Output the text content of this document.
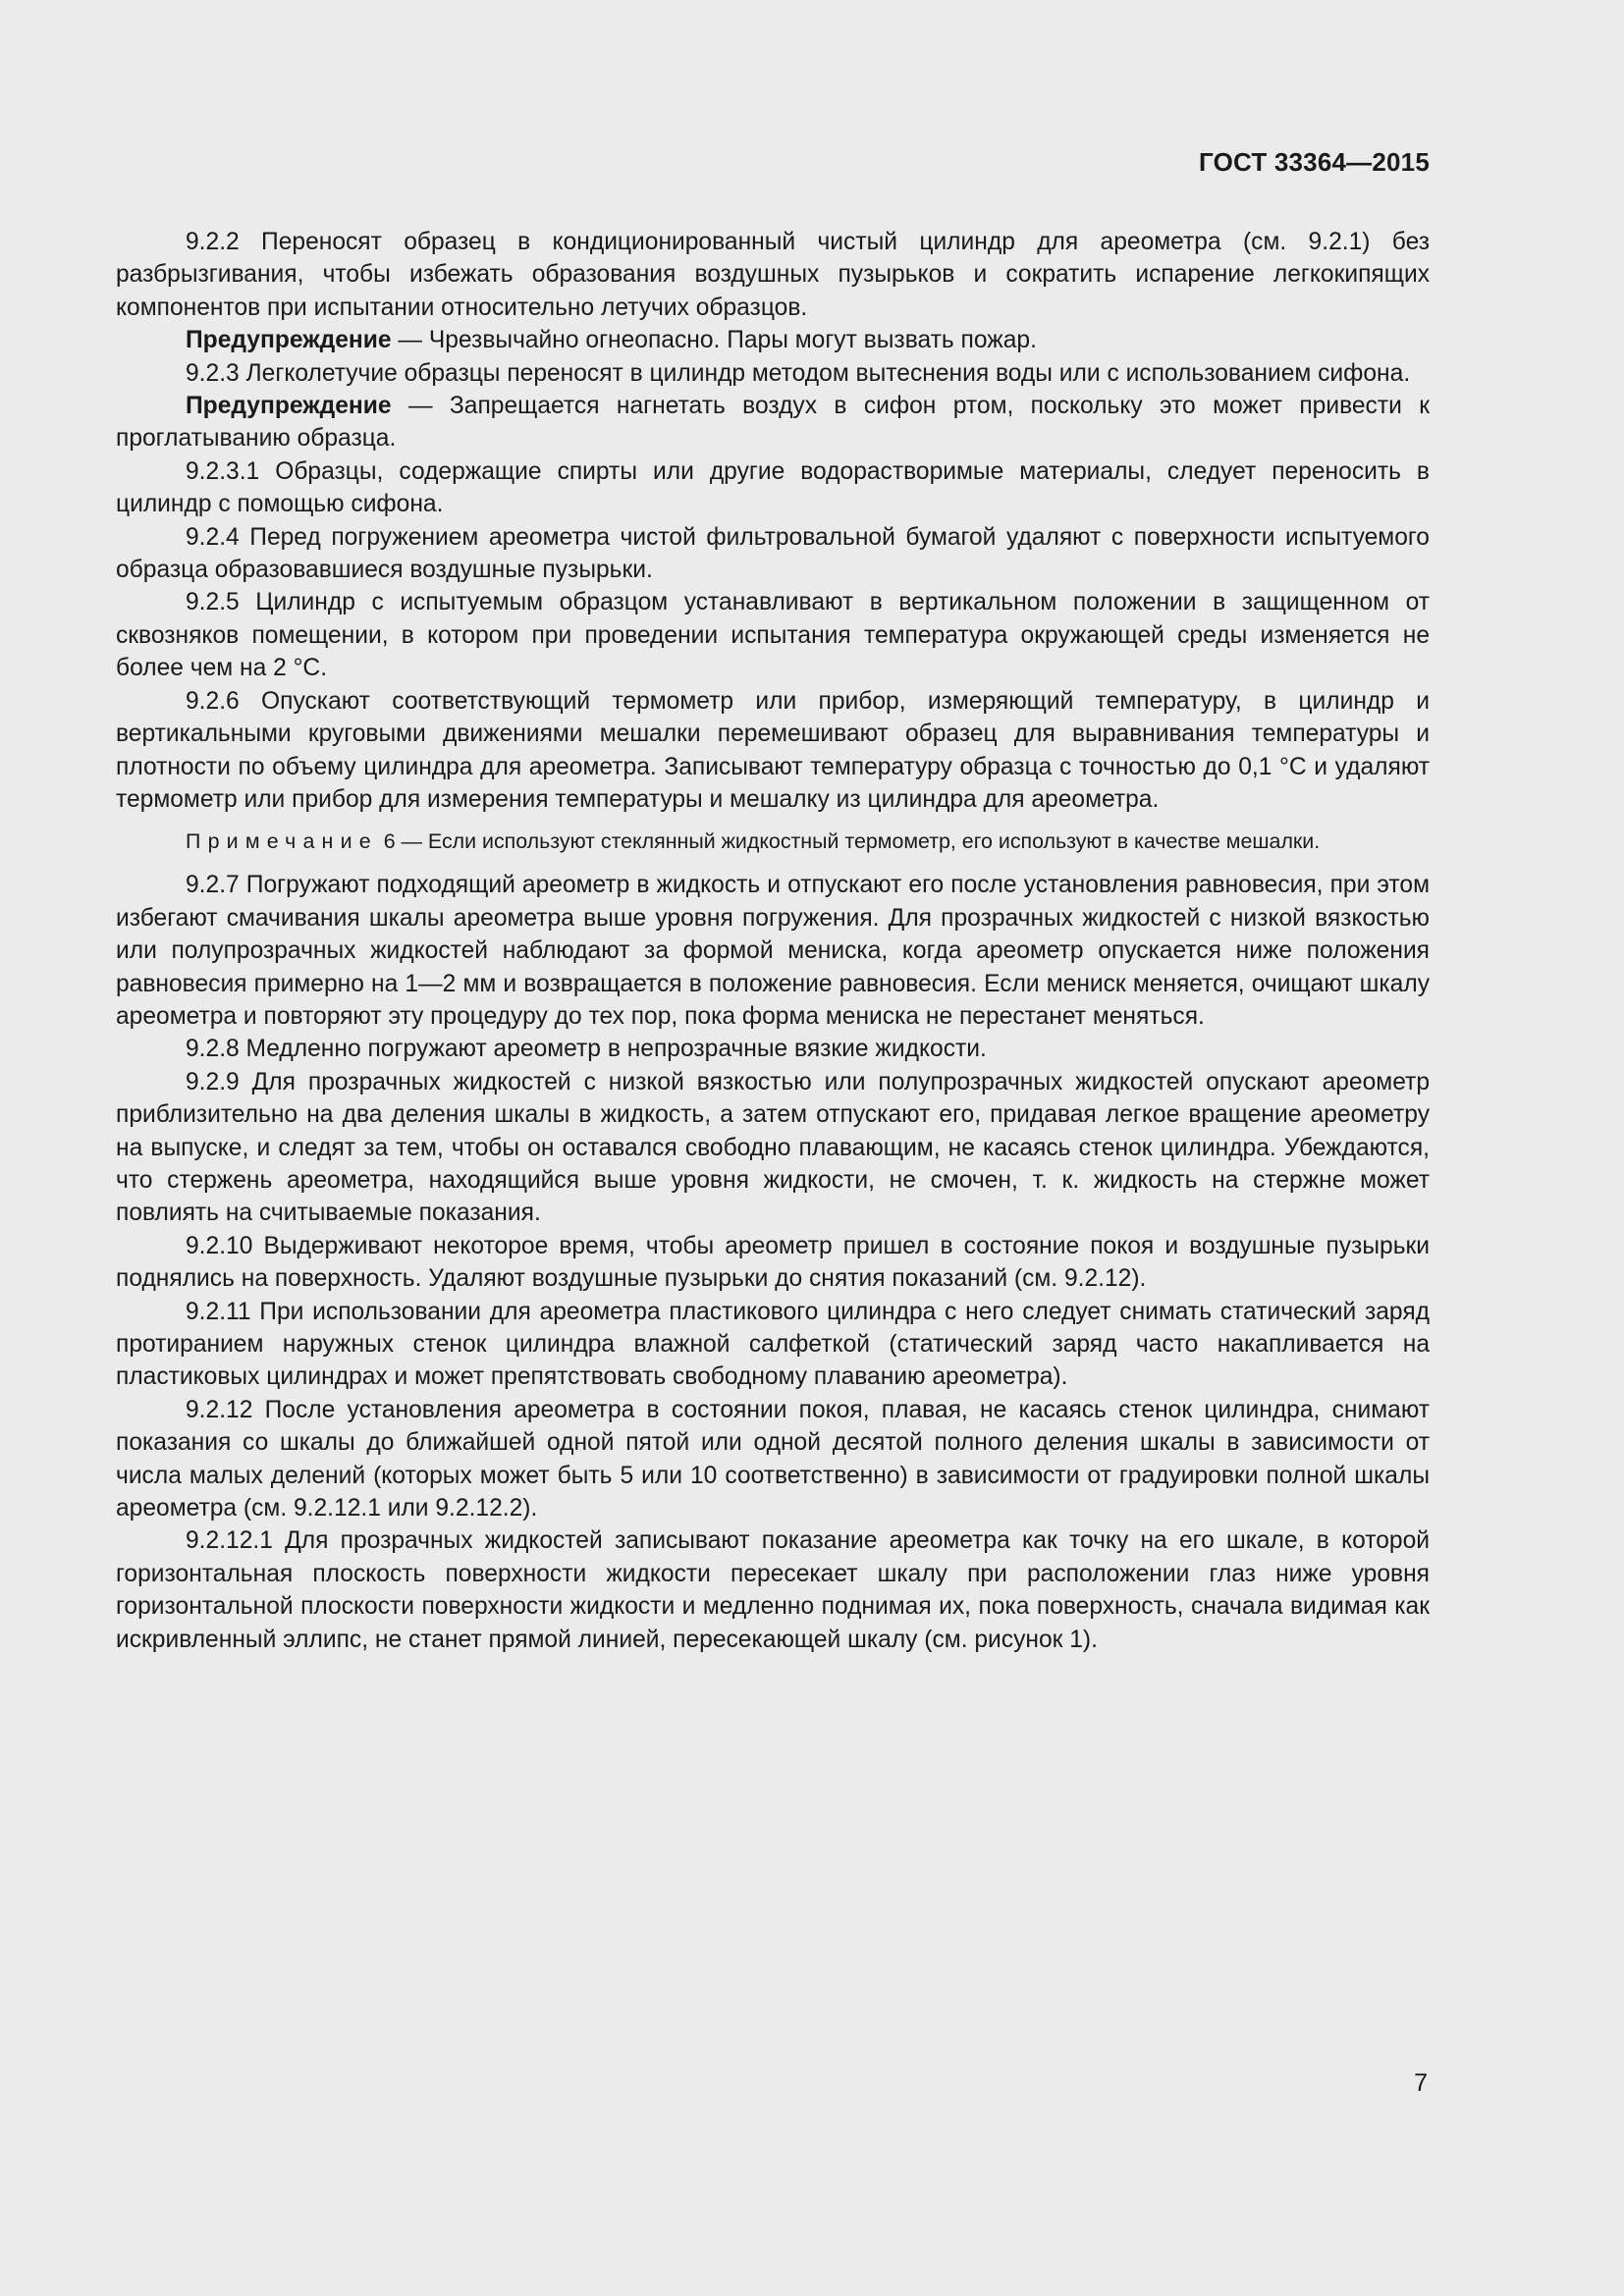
ГОСТ 33364—2015

9.2.2 Переносят образец в кондиционированный чистый цилиндр для ареометра (см. 9.2.1) без разбрызгивания, чтобы избежать образования воздушных пузырьков и сократить испарение легкокипящих компонентов при испытании относительно летучих образцов.

Предупреждение — Чрезвычайно огнеопасно. Пары могут вызвать пожар.

9.2.3 Легколетучие образцы переносят в цилиндр методом вытеснения воды или с использованием сифона.

Предупреждение — Запрещается нагнетать воздух в сифон ртом, поскольку это может привести к проглатыванию образца.

9.2.3.1 Образцы, содержащие спирты или другие водорастворимые материалы, следует переносить в цилиндр с помощью сифона.

9.2.4 Перед погружением ареометра чистой фильтровальной бумагой удаляют с поверхности испытуемого образца образовавшиеся воздушные пузырьки.

9.2.5 Цилиндр с испытуемым образцом устанавливают в вертикальном положении в защищенном от сквозняков помещении, в котором при проведении испытания температура окружающей среды изменяется не более чем на 2 °C.

9.2.6 Опускают соответствующий термометр или прибор, измеряющий температуру, в цилиндр и вертикальными круговыми движениями мешалки перемешивают образец для выравнивания температуры и плотности по объему цилиндра для ареометра. Записывают температуру образца с точностью до 0,1 °C и удаляют термометр или прибор для измерения температуры и мешалку из цилиндра для ареометра.

Примечание 6 — Если используют стеклянный жидкостный термометр, его используют в качестве мешалки.

9.2.7 Погружают подходящий ареометр в жидкость и отпускают его после установления равновесия, при этом избегают смачивания шкалы ареометра выше уровня погружения. Для прозрачных жидкостей с низкой вязкостью или полупрозрачных жидкостей наблюдают за формой мениска, когда ареометр опускается ниже положения равновесия примерно на 1—2 мм и возвращается в положение равновесия. Если мениск меняется, очищают шкалу ареометра и повторяют эту процедуру до тех пор, пока форма мениска не перестанет меняться.

9.2.8 Медленно погружают ареометр в непрозрачные вязкие жидкости.

9.2.9 Для прозрачных жидкостей с низкой вязкостью или полупрозрачных жидкостей опускают ареометр приблизительно на два деления шкалы в жидкость, а затем отпускают его, придавая легкое вращение ареометру на выпуске, и следят за тем, чтобы он оставался свободно плавающим, не касаясь стенок цилиндра. Убеждаются, что стержень ареометра, находящийся выше уровня жидкости, не смочен, т. к. жидкость на стержне может повлиять на считываемые показания.

9.2.10 Выдерживают некоторое время, чтобы ареометр пришел в состояние покоя и воздушные пузырьки поднялись на поверхность. Удаляют воздушные пузырьки до снятия показаний (см. 9.2.12).

9.2.11 При использовании для ареометра пластикового цилиндра с него следует снимать статический заряд протиранием наружных стенок цилиндра влажной салфеткой (статический заряд часто накапливается на пластиковых цилиндрах и может препятствовать свободному плаванию ареометра).

9.2.12 После установления ареометра в состоянии покоя, плавая, не касаясь стенок цилиндра, снимают показания со шкалы до ближайшей одной пятой или одной десятой полного деления шкалы в зависимости от числа малых делений (которых может быть 5 или 10 соответственно) в зависимости от градуировки полной шкалы ареометра (см. 9.2.12.1 или 9.2.12.2).

9.2.12.1 Для прозрачных жидкостей записывают показание ареометра как точку на его шкале, в которой горизонтальная плоскость поверхности жидкости пересекает шкалу при расположении глаз ниже уровня горизонтальной плоскости поверхности жидкости и медленно поднимая их, пока поверхность, сначала видимая как искривленный эллипс, не станет прямой линией, пересекающей шкалу (см. рисунок 1).

7
